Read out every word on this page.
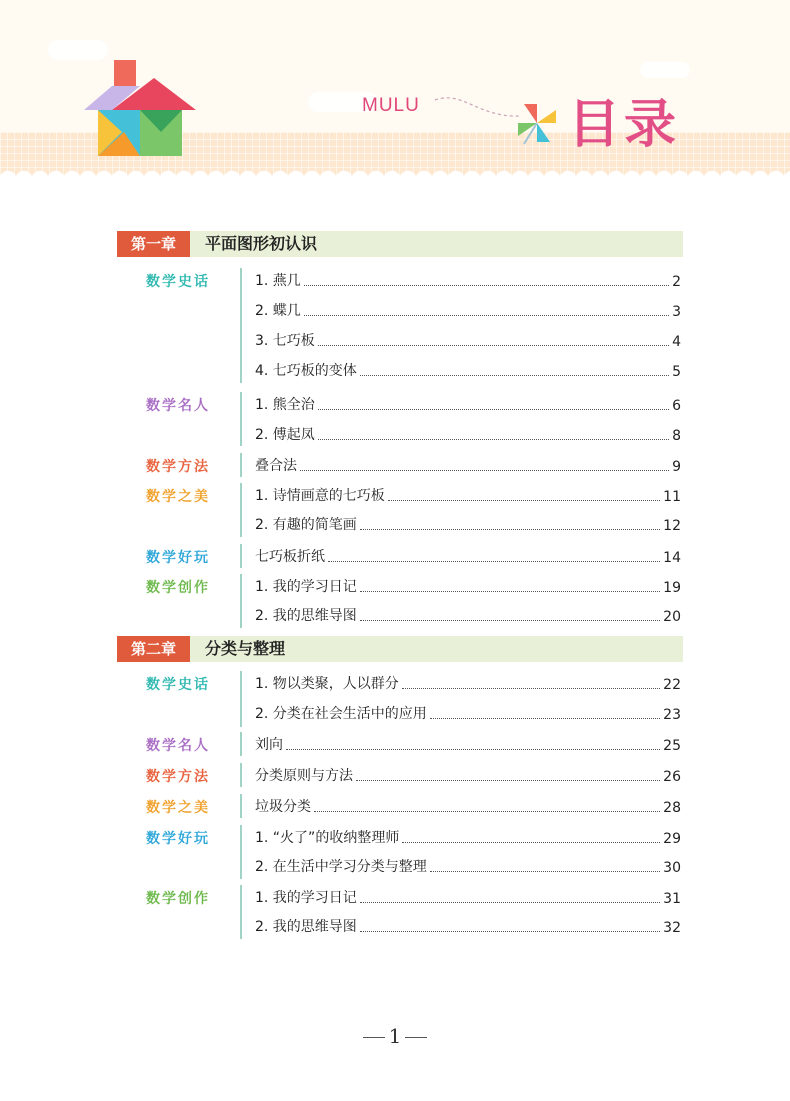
MULU	目录
第一章	平面图形初认识
数学史话	1. 燕几	2
2. 蝶几	3
3. 七巧板	4
4. 七巧板的变体	5
数学名人	1. 熊全治	6
2. 傅起凤	8
数学方法	叠合法	9
数学之美	1. 诗情画意的七巧板	11
2. 有趣的简笔画	12
数学好玩	七巧板折纸	14
数学创作	1. 我的学习日记	19
2. 我的思维导图	20
第二章	分类与整理
数学史话	1. 物以类聚，人以群分	22
2. 分类在社会生活中的应用	23
数学名人	刘向	25
数学方法	分类原则与方法	26
数学之美	垃圾分类	28
数学好玩	1. “火了”的收纳整理师	29
2. 在生活中学习分类与整理	30
数学创作	1. 我的学习日记	31
2. 我的思维导图	32
1
